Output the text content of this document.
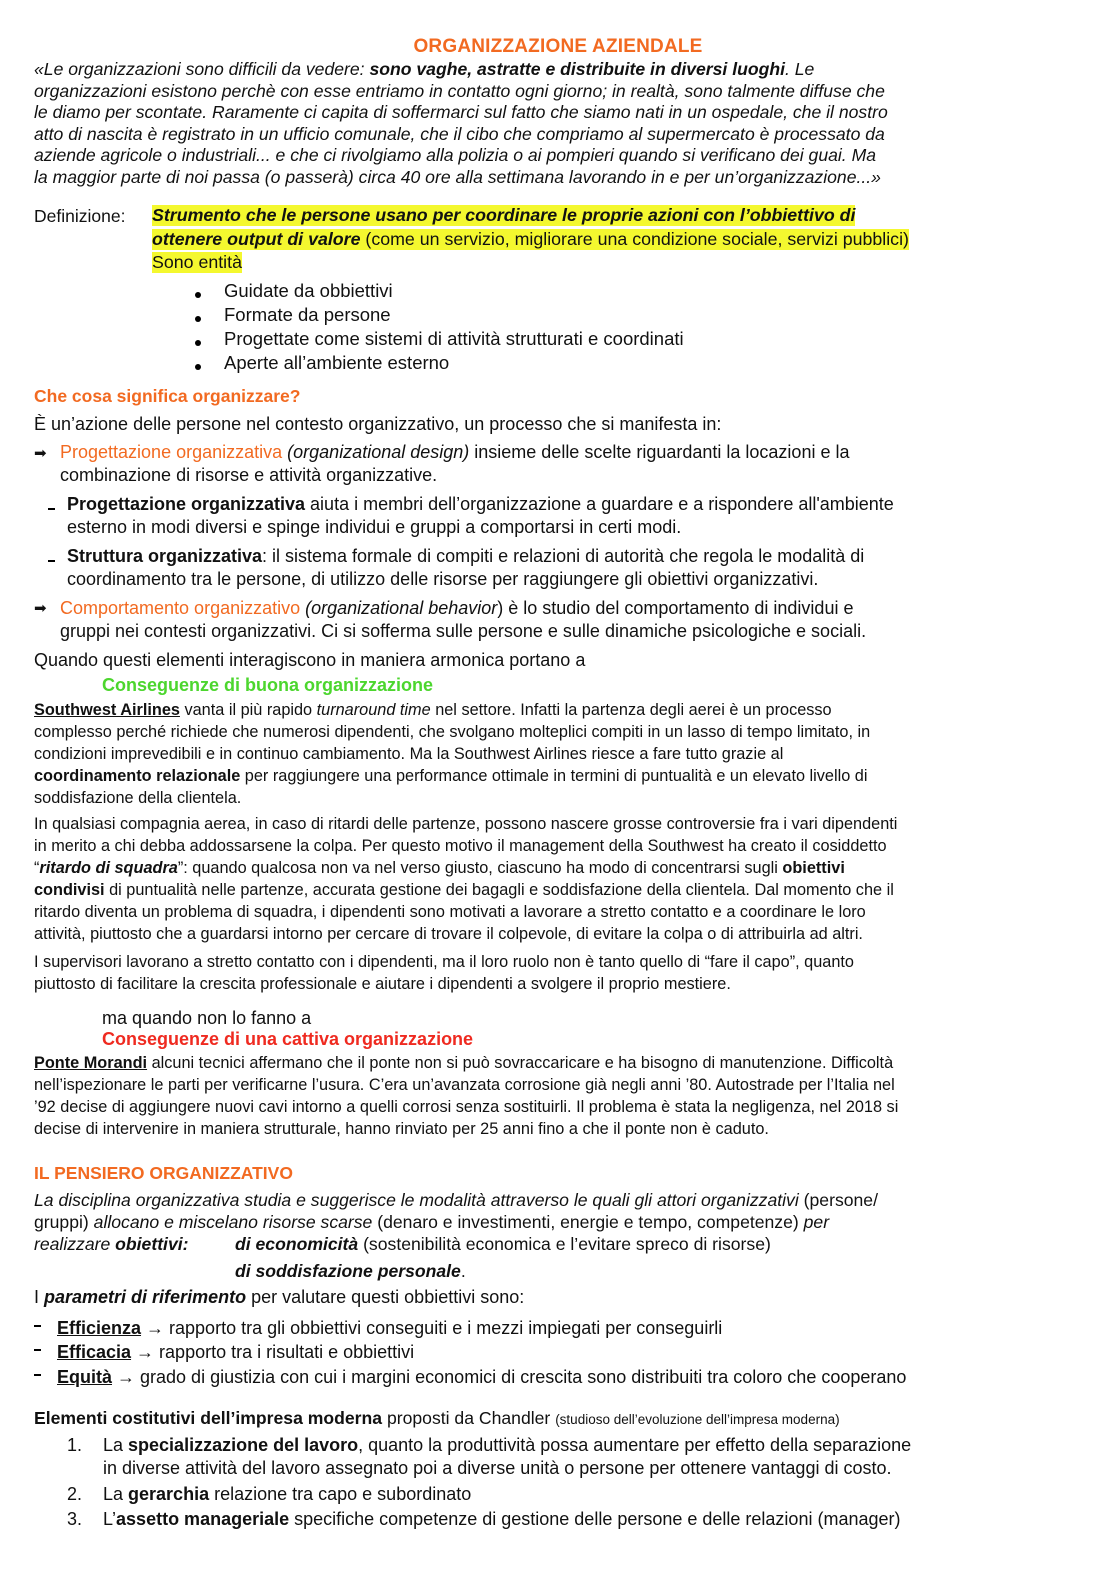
ORGANIZZAZIONE AZIENDALE
«Le organizzazioni sono difficili da vedere: sono vaghe, astratte e distribuite in diversi luoghi. Le
organizzazioni esistono perchè con esse entriamo in contatto ogni giorno; in realtà, sono talmente diffuse che
le diamo per scontate. Raramente ci capita di soffermarci sul fatto che siamo nati in un ospedale, che il nostro
atto di nascita è registrato in un ufficio comunale, che il cibo che compriamo al supermercato è processato da
aziende agricole o industriali... e che ci rivolgiamo alla polizia o ai pompieri quando si verificano dei guai. Ma
la maggior parte di noi passa (o passerà) circa 40 ore alla settimana lavorando in e per un’organizzazione...»
Definizione: Strumento che le persone usano per coordinare le proprie azioni con l’obbiettivo di
ottenere output di valore (come un servizio, migliorare una condizione sociale, servizi pubblici)
Sono entità
Guidate da obbiettivi
Formate da persone
Progettate come sistemi di attività strutturati e coordinati
Aperte all’ambiente esterno
Che cosa significa organizzare?
È un’azione delle persone nel contesto organizzativo, un processo che si manifesta in:
➡ Progettazione organizzativa (organizational design) insieme delle scelte riguardanti la locazioni e la
combinazione di risorse e attività organizzative.
Progettazione organizzativa aiuta i membri dell’organizzazione a guardare e a rispondere all'ambiente
esterno in modi diversi e spinge individui e gruppi a comportarsi in certi modi.
Struttura organizzativa: il sistema formale di compiti e relazioni di autorità che regola le modalità di
coordinamento tra le persone, di utilizzo delle risorse per raggiungere gli obiettivi organizzativi.
➡ Comportamento organizzativo (organizational behavior) è lo studio del comportamento di individui e
gruppi nei contesti organizzativi. Ci si sofferma sulle persone e sulle dinamiche psicologiche e sociali.
Quando questi elementi interagiscono in maniera armonica portano a
Conseguenze di buona organizzazione
Southwest Airlines vanta il più rapido turnaround time nel settore. Infatti la partenza degli aerei è un processo
complesso perché richiede che numerosi dipendenti, che svolgano molteplici compiti in un lasso di tempo limitato, in
condizioni imprevedibili e in continuo cambiamento. Ma la Southwest Airlines riesce a fare tutto grazie al
coordinamento relazionale per raggiungere una performance ottimale in termini di puntualità e un elevato livello di
soddisfazione della clientela.
In qualsiasi compagnia aerea, in caso di ritardi delle partenze, possono nascere grosse controversie fra i vari dipendenti
in merito a chi debba addossarsene la colpa. Per questo motivo il management della Southwest ha creato il cosiddetto
“ritardo di squadra”: quando qualcosa non va nel verso giusto, ciascuno ha modo di concentrarsi sugli obiettivi
condivisi di puntualità nelle partenze, accurata gestione dei bagagli e soddisfazione della clientela. Dal momento che il
ritardo diventa un problema di squadra, i dipendenti sono motivati a lavorare a stretto contatto e a coordinare le loro
attività, piuttosto che a guardarsi intorno per cercare di trovare il colpevole, di evitare la colpa o di attribuirla ad altri.
I supervisori lavorano a stretto contatto con i dipendenti, ma il loro ruolo non è tanto quello di “fare il capo”, quanto
piuttosto di facilitare la crescita professionale e aiutare i dipendenti a svolgere il proprio mestiere.
ma quando non lo fanno a
Conseguenze di una cattiva organizzazione
Ponte Morandi alcuni tecnici affermano che il ponte non si può sovraccaricare e ha bisogno di manutenzione. Difficoltà
nell’ispezionare le parti per verificarne l’usura. C’era un’avanzata corrosione già negli anni ’80. Autostrade per l’Italia nel
’92 decise di aggiungere nuovi cavi intorno a quelli corrosi senza sostituirli. Il problema è stata la negligenza, nel 2018 si
decise di intervenire in maniera strutturale, hanno rinviato per 25 anni fino a che il ponte non è caduto.
IL PENSIERO ORGANIZZATIVO
La disciplina organizzativa studia e suggerisce le modalità attraverso le quali gli attori organizzativi (persone/
gruppi) allocano e miscelano risorse scarse (denaro e investimenti, energie e tempo, competenze) per
realizzare obiettivi:	di economicità (sostenibilità economica e l’evitare spreco di risorse)
di soddisfazione personale.
I parametri di riferimento per valutare questi obbiettivi sono:
Efficienza → rapporto tra gli obbiettivi conseguiti e i mezzi impiegati per conseguirli
Efficacia → rapporto tra i risultati e obbiettivi
Equità → grado di giustizia con cui i margini economici di crescita sono distribuiti tra coloro che cooperano
Elementi costitutivi dell’impresa moderna proposti da Chandler (studioso dell’evoluzione dell’impresa moderna)
1. La specializzazione del lavoro, quanto la produttività possa aumentare per effetto della separazione
in diverse attività del lavoro assegnato poi a diverse unità o persone per ottenere vantaggi di costo.
2. La gerarchia relazione tra capo e subordinato
3. L’assetto manageriale specifiche competenze di gestione delle persone e delle relazioni (manager)
